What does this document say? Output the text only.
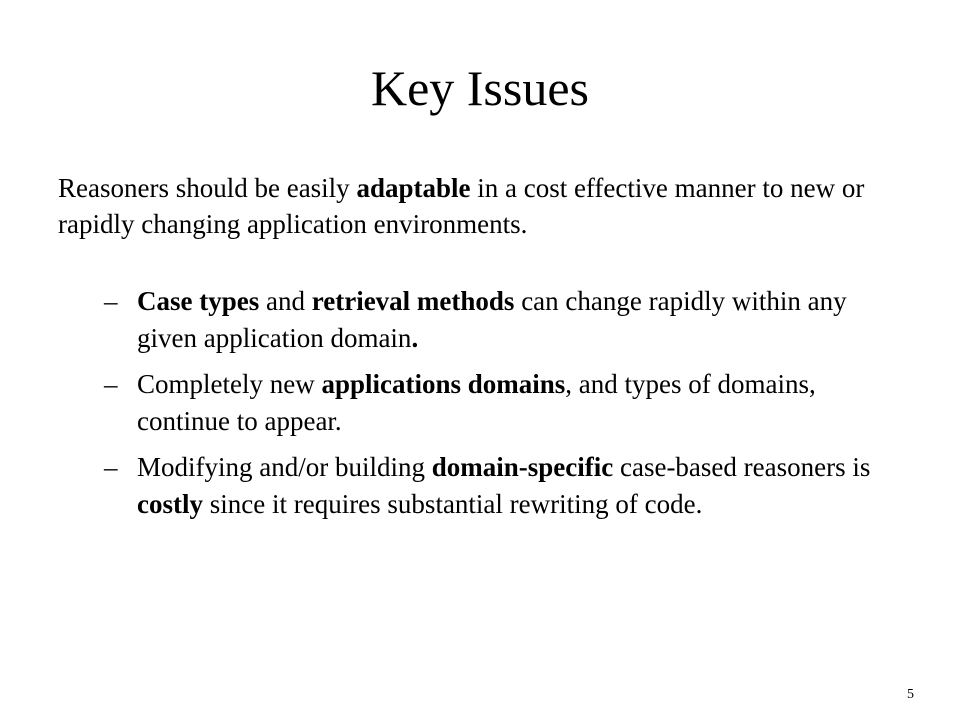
Key Issues

Reasoners should be easily adaptable in a cost effective manner to new or rapidly changing application environments.

– Case types and retrieval methods can change rapidly within any given application domain.
– Completely new applications domains, and types of domains, continue to appear.
– Modifying and/or building domain-specific case-based reasoners is costly since it requires substantial rewriting of code.
5
